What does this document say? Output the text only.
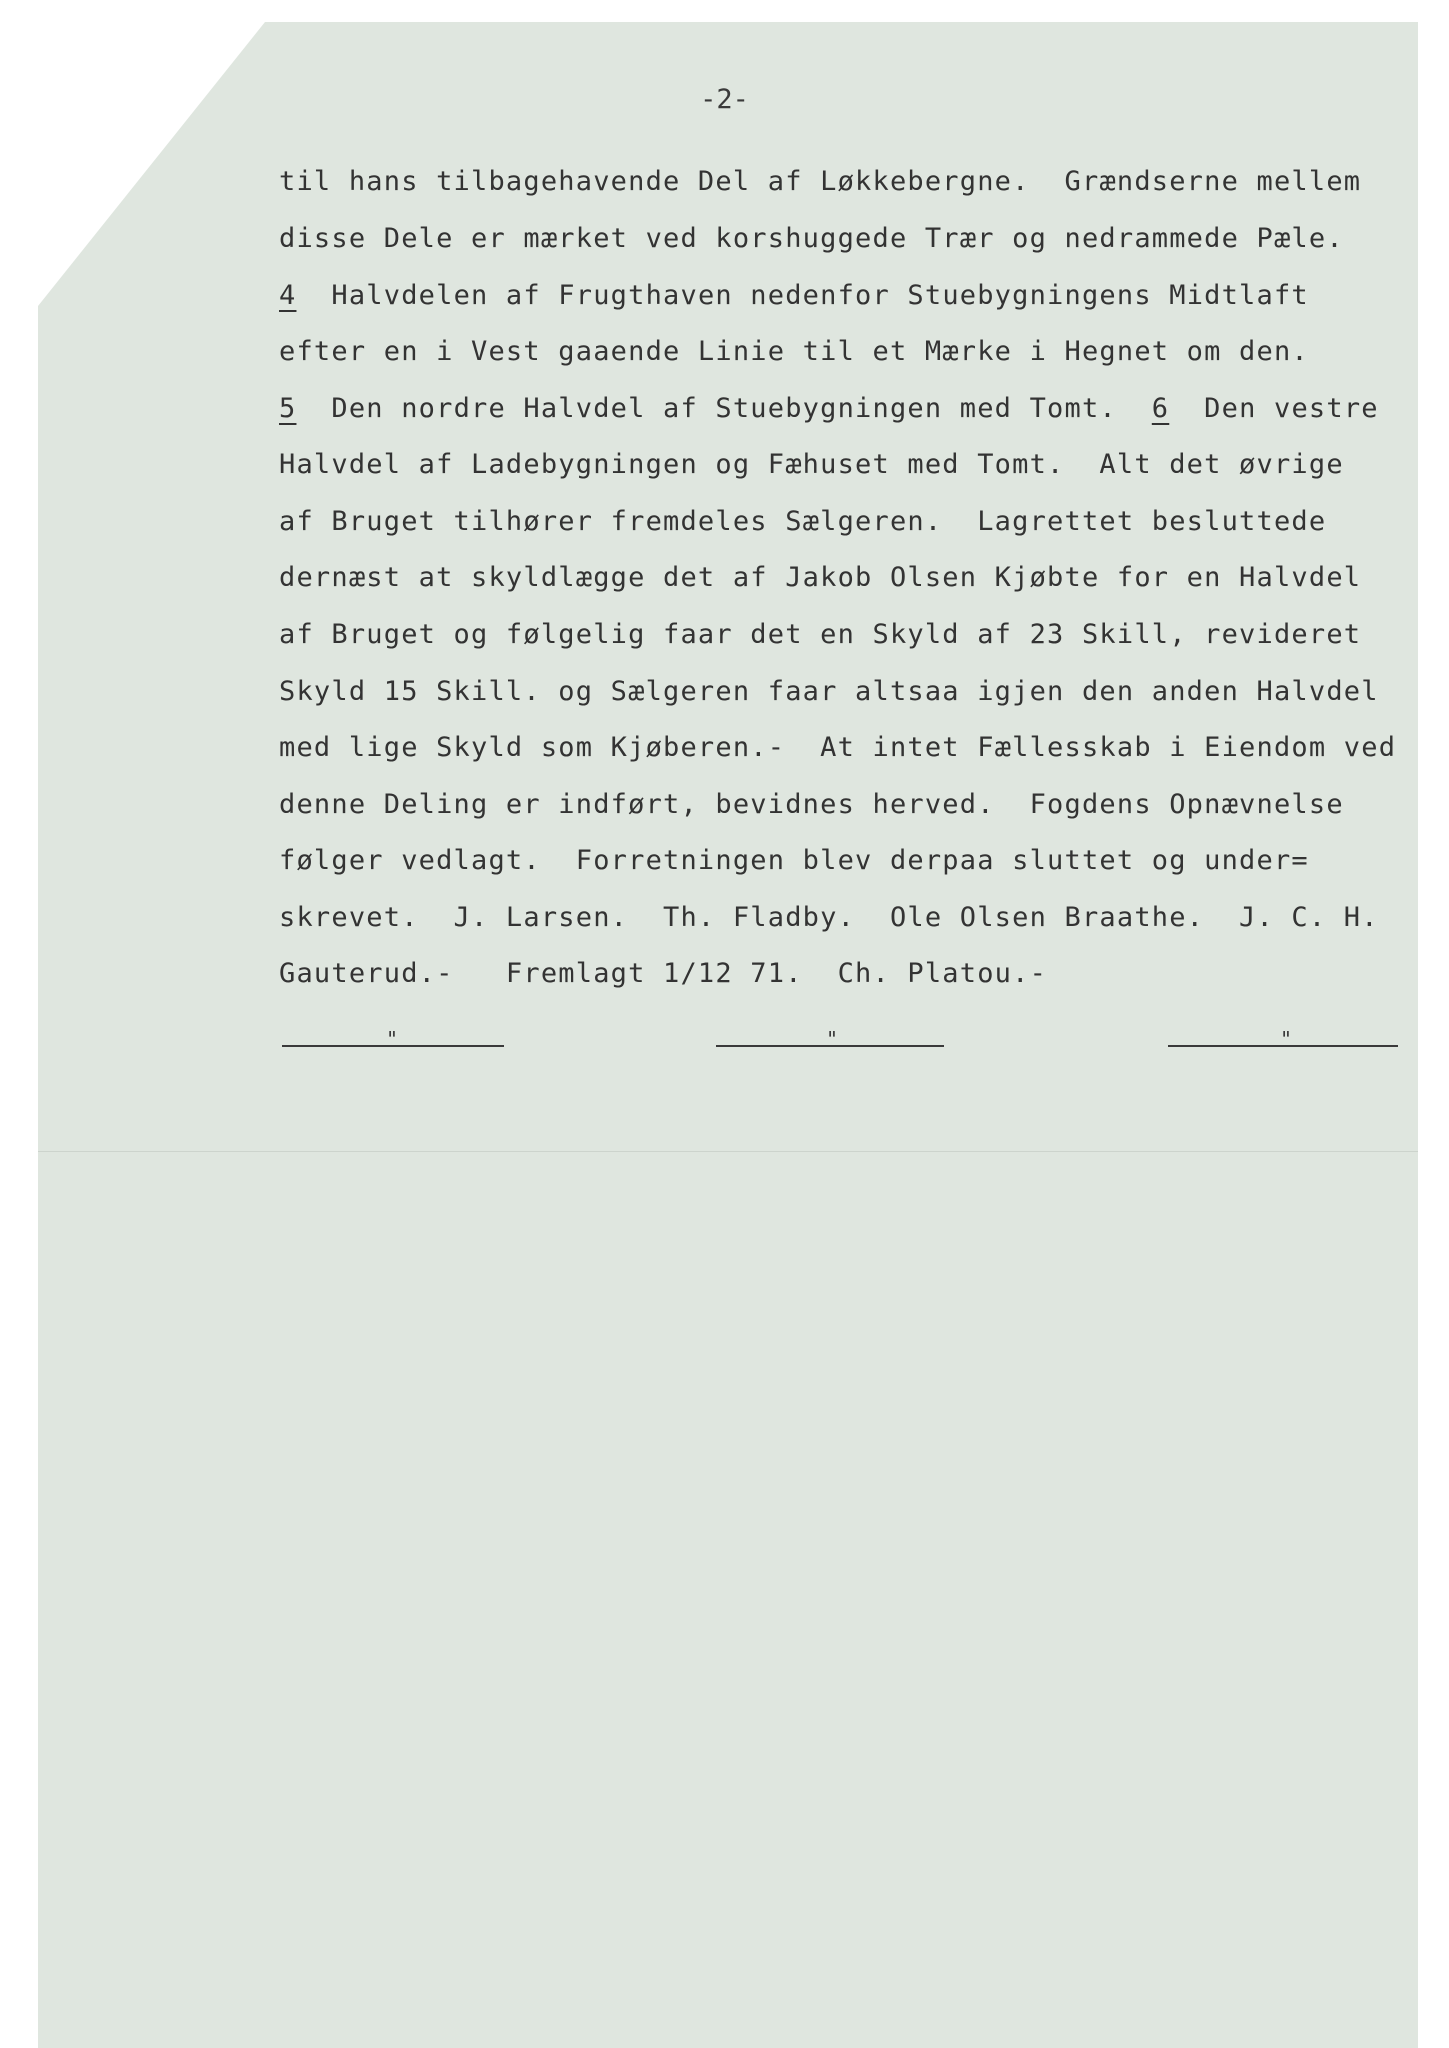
-2-
til hans tilbagehavende Del af Løkkebergne.  Grændserne mellem
disse Dele er mærket ved korshuggede Trær og nedrammede Pæle.
4  Halvdelen af Frugthaven nedenfor Stuebygningens Midtlaft
efter en i Vest gaaende Linie til et Mærke i Hegnet om den.
5  Den nordre Halvdel af Stuebygningen med Tomt.  6  Den vestre
Halvdel af Ladebygningen og Fæhuset med Tomt.  Alt det øvrige
af Bruget tilhører fremdeles Sælgeren.  Lagrettet besluttede
dernæst at skyldlægge det af Jakob Olsen Kjøbte for en Halvdel
af Bruget og følgelig faar det en Skyld af 23 Skill, revideret
Skyld 15 Skill. og Sælgeren faar altsaa igjen den anden Halvdel
med lige Skyld som Kjøberen.-  At intet Fællesskab i Eiendom ved
denne Deling er indført, bevidnes herved.  Fogdens Opnævnelse
følger vedlagt.  Forretningen blev derpaa sluttet og under=
skrevet.  J. Larsen.  Th. Fladby.  Ole Olsen Braathe.  J. C. H.
Gauterud.-   Fremlagt 1/12 71.  Ch. Platou.-
"	"	"
